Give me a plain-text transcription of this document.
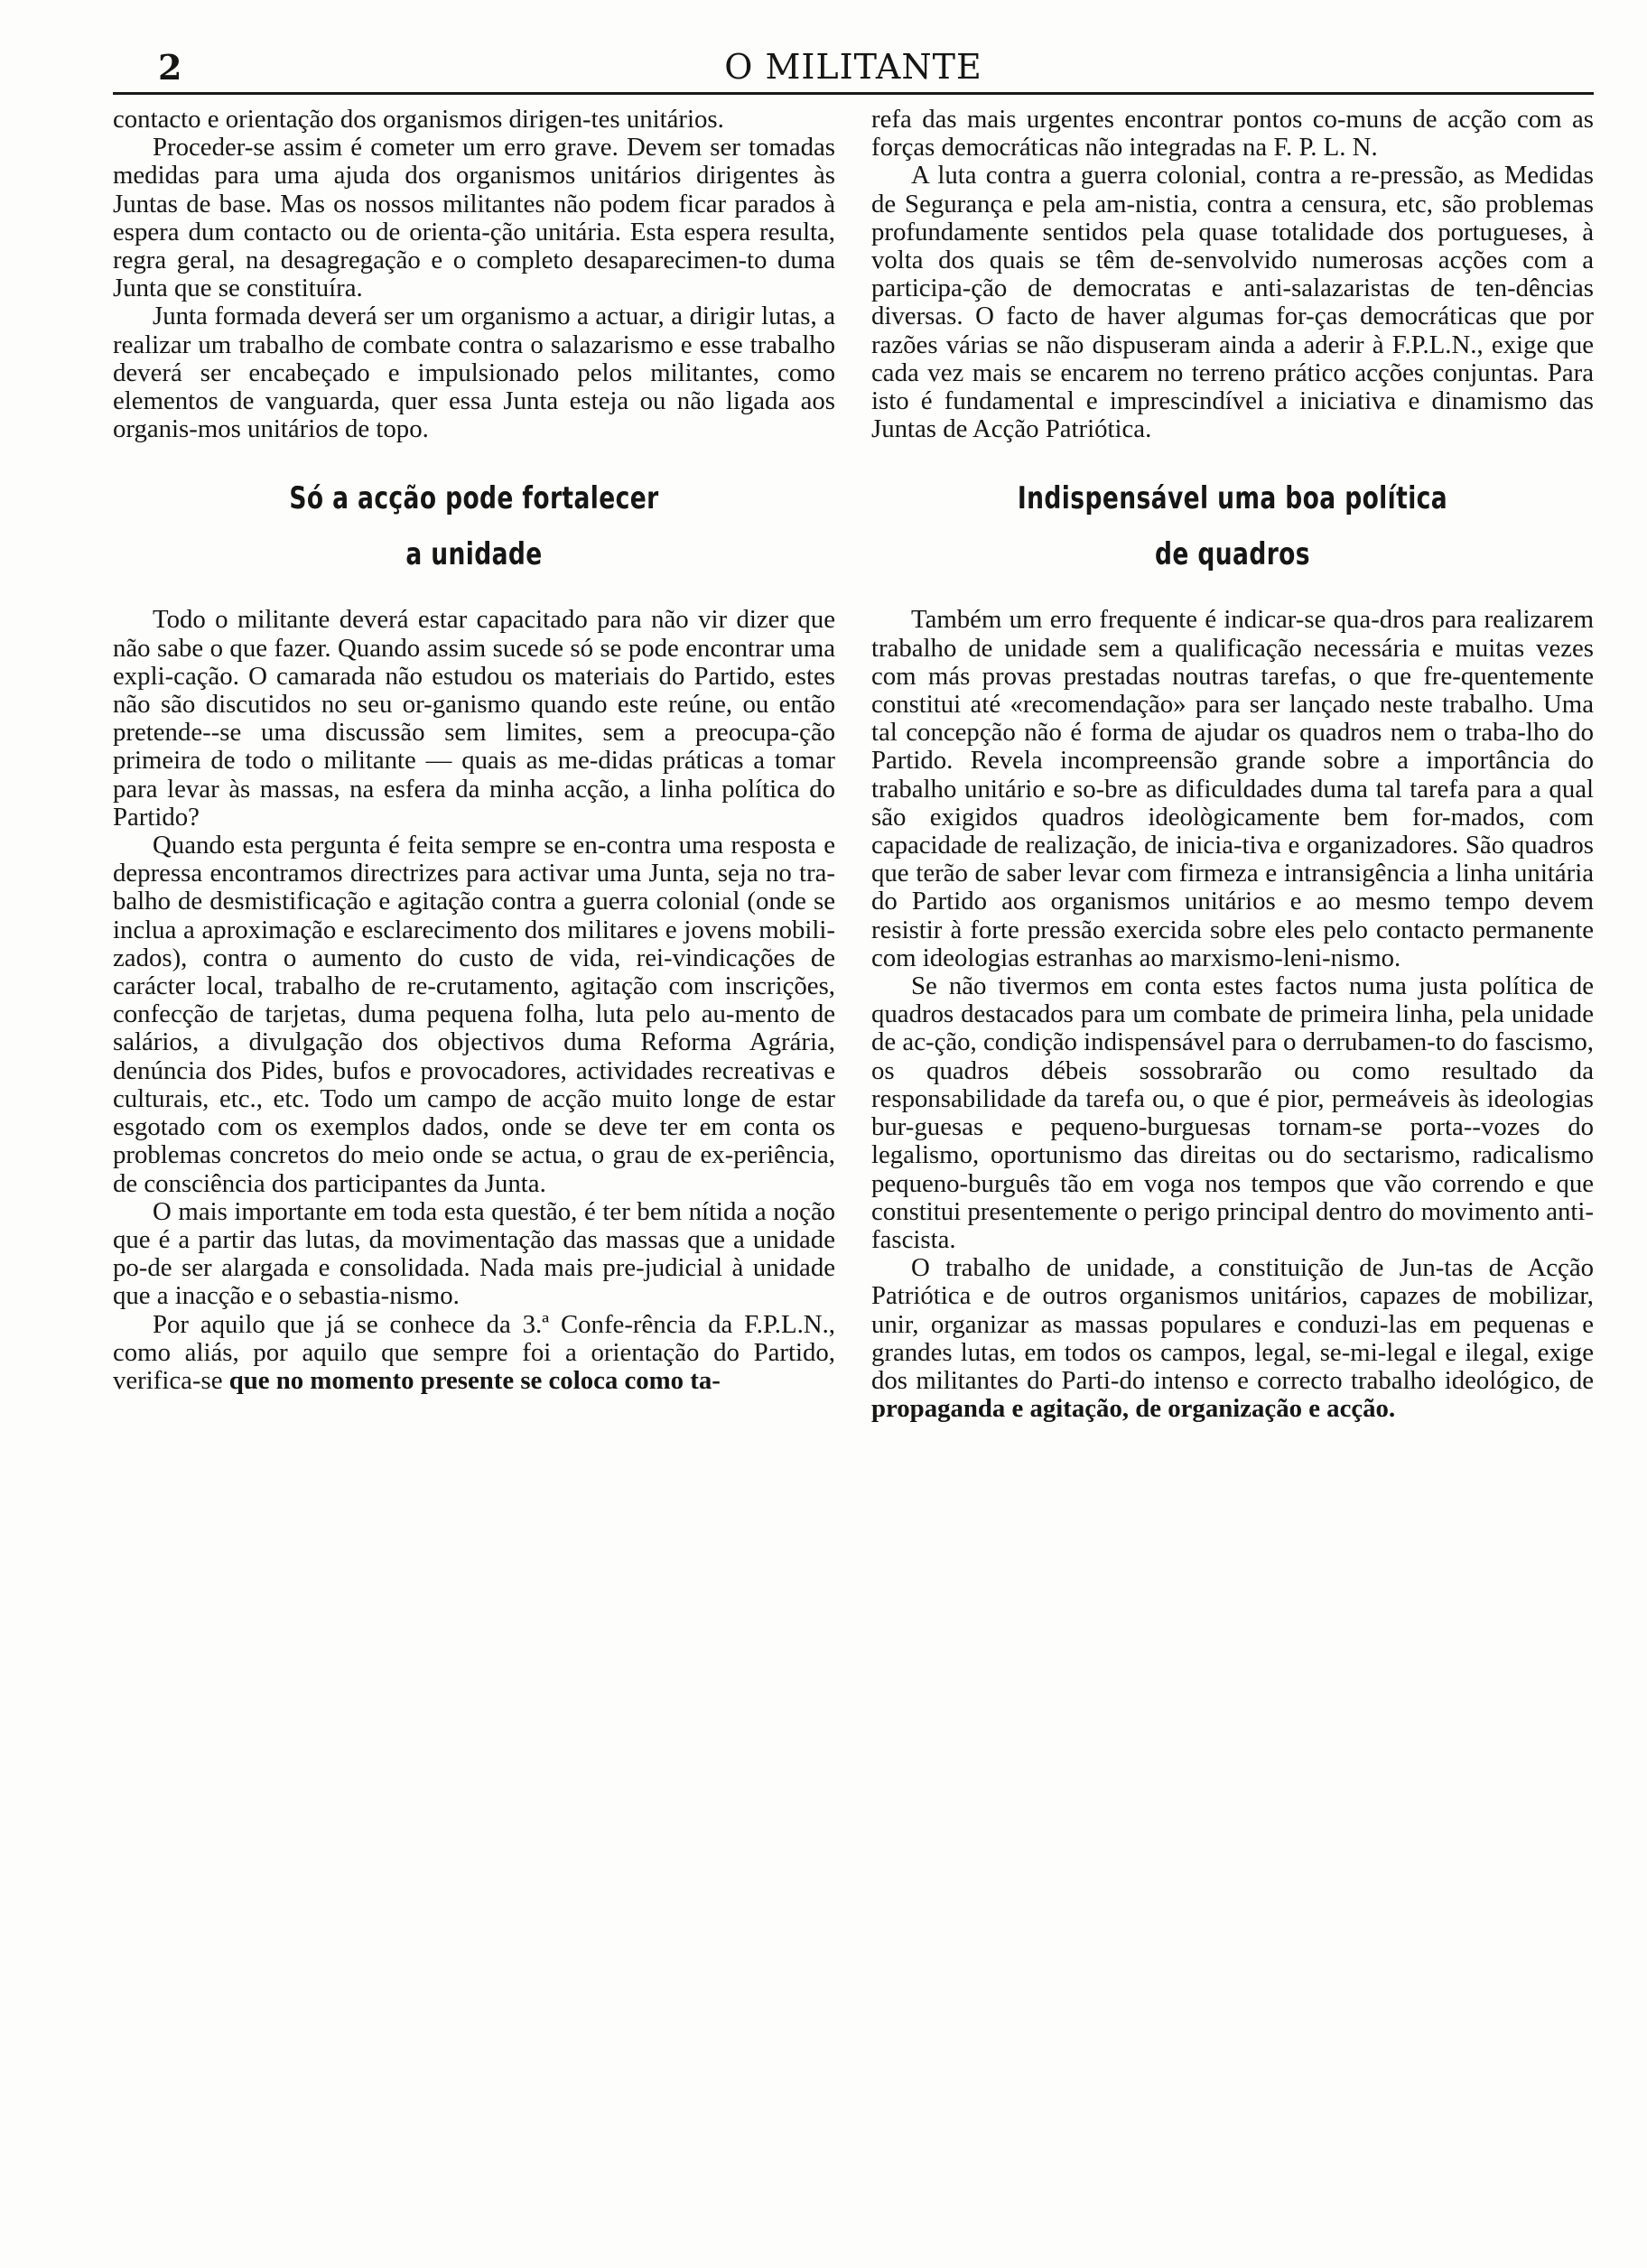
2	O MILITANTE

contacto e orientação dos organismos dirigen-tes unitários.

Proceder-se assim é cometer um erro grave. Devem ser tomadas medidas para uma ajuda dos organismos unitários dirigentes às Juntas de base. Mas os nossos militantes não podem ficar parados à espera dum contacto ou de orienta-ção unitária. Esta espera resulta, regra geral, na desagregação e o completo desaparecimen-to duma Junta que se constituíra.

Junta formada deverá ser um organismo a actuar, a dirigir lutas, a realizar um trabalho de combate contra o salazarismo e esse trabalho deverá ser encabeçado e impulsionado pelos militantes, como elementos de vanguarda, quer essa Junta esteja ou não ligada aos organis-mos unitários de topo.

Só a acção pode fortalecer
a unidade

Todo o militante deverá estar capacitado para não vir dizer que não sabe o que fazer. Quando assim sucede só se pode encontrar uma expli-cação. O camarada não estudou os materiais do Partido, estes não são discutidos no seu or-ganismo quando este reúne, ou então pretende--se uma discussão sem limites, sem a preocupa-ção primeira de todo o militante — quais as me-didas práticas a tomar para levar às massas, na esfera da minha acção, a linha política do Partido?

Quando esta pergunta é feita sempre se en-contra uma resposta e depressa encontramos directrizes para activar uma Junta, seja no tra-balho de desmistificação e agitação contra a guerra colonial (onde se inclua a aproximação e esclarecimento dos militares e jovens mobili-zados), contra o aumento do custo de vida, rei-vindicações de carácter local, trabalho de re-crutamento, agitação com inscrições, confecção de tarjetas, duma pequena folha, luta pelo au-mento de salários, a divulgação dos objectivos duma Reforma Agrária, denúncia dos Pides, bufos e provocadores, actividades recreativas e culturais, etc., etc. Todo um campo de acção muito longe de estar esgotado com os exemplos dados, onde se deve ter em conta os problemas concretos do meio onde se actua, o grau de ex-periência, de consciência dos participantes da Junta.

O mais importante em toda esta questão, é ter bem nítida a noção que é a partir das lutas, da movimentação das massas que a unidade po-de ser alargada e consolidada. Nada mais pre-judicial à unidade que a inacção e o sebastia-nismo.

Por aquilo que já se conhece da 3.ª Confe-rência da F.P.L.N., como aliás, por aquilo que sempre foi a orientação do Partido, verifica-se que no momento presente se coloca como ta-

refa das mais urgentes encontrar pontos co-muns de acção com as forças democráticas não integradas na F. P. L. N.

A luta contra a guerra colonial, contra a re-pressão, as Medidas de Segurança e pela am-nistia, contra a censura, etc, são problemas profundamente sentidos pela quase totalidade dos portugueses, à volta dos quais se têm de-senvolvido numerosas acções com a participa-ção de democratas e anti-salazaristas de ten-dências diversas. O facto de haver algumas for-ças democráticas que por razões várias se não dispuseram ainda a aderir à F.P.L.N., exige que cada vez mais se encarem no terreno prático acções conjuntas. Para isto é fundamental e imprescindível a iniciativa e dinamismo das Juntas de Acção Patriótica.

Indispensável uma boa política
de quadros

Também um erro frequente é indicar-se qua-dros para realizarem trabalho de unidade sem a qualificação necessária e muitas vezes com más provas prestadas noutras tarefas, o que fre-quentemente constitui até «recomendação» para ser lançado neste trabalho. Uma tal concepção não é forma de ajudar os quadros nem o traba-lho do Partido. Revela incompreensão grande sobre a importância do trabalho unitário e so-bre as dificuldades duma tal tarefa para a qual são exigidos quadros ideològicamente bem for-mados, com capacidade de realização, de inicia-tiva e organizadores. São quadros que terão de saber levar com firmeza e intransigência a linha unitária do Partido aos organismos unitários e ao mesmo tempo devem resistir à forte pressão exercida sobre eles pelo contacto permanente com ideologias estranhas ao marxismo-leni-nismo.

Se não tivermos em conta estes factos numa justa política de quadros destacados para um combate de primeira linha, pela unidade de ac-ção, condição indispensável para o derrubamen-to do fascismo, os quadros débeis sossobrarão ou como resultado da responsabilidade da tarefa ou, o que é pior, permeáveis às ideologias bur-guesas e pequeno-burguesas tornam-se porta--vozes do legalismo, oportunismo das direitas ou do sectarismo, radicalismo pequeno-burguês tão em voga nos tempos que vão correndo e que constitui presentemente o perigo principal dentro do movimento anti-fascista.

O trabalho de unidade, a constituição de Jun-tas de Acção Patriótica e de outros organismos unitários, capazes de mobilizar, unir, organizar as massas populares e conduzi-las em pequenas e grandes lutas, em todos os campos, legal, se-mi-legal e ilegal, exige dos militantes do Parti-do intenso e correcto trabalho ideológico, de propaganda e agitação, de organização e acção.
